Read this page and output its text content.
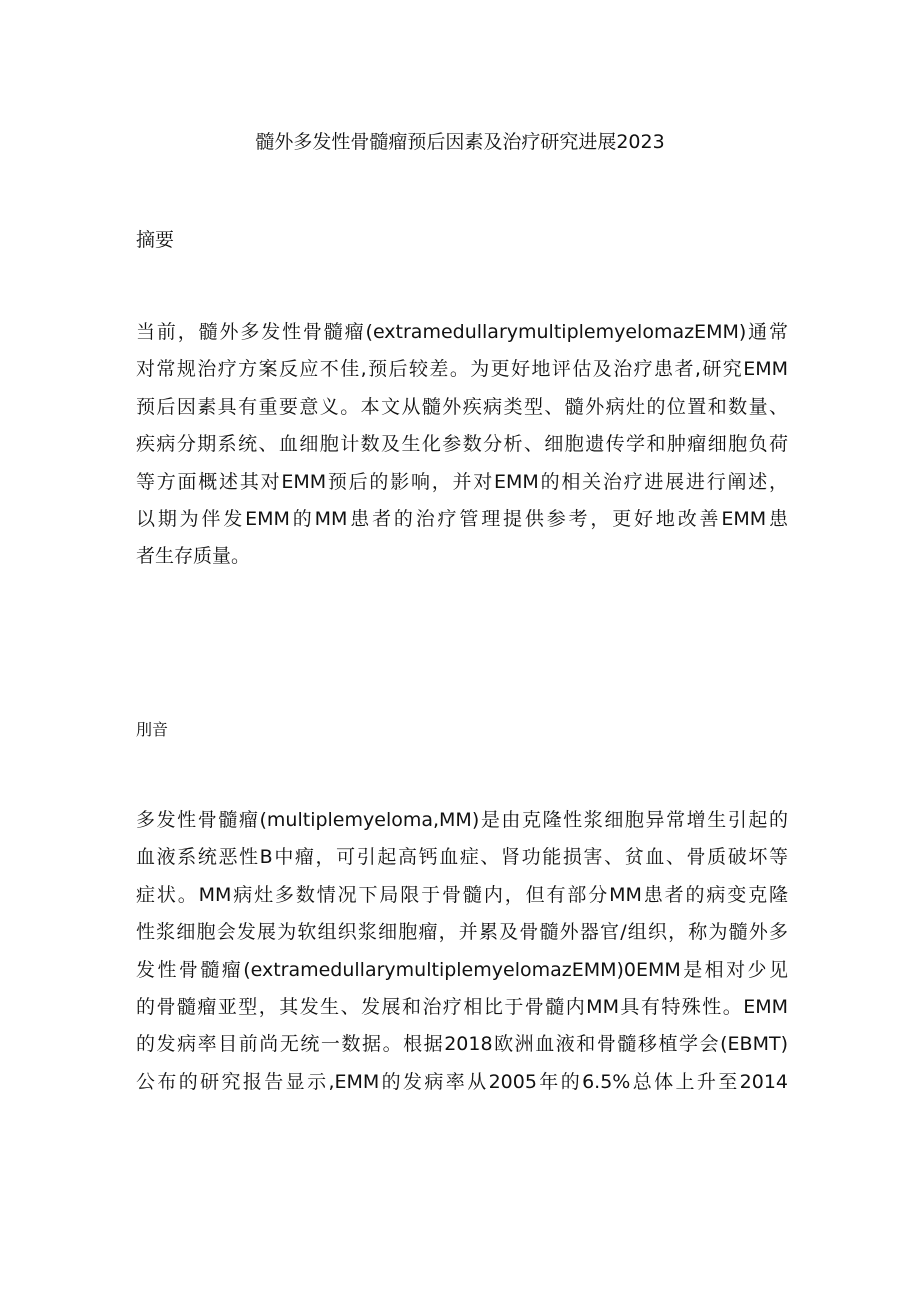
髓外多发性骨髓瘤预后因素及治疗研究进展2023
摘要
当前，髓外多发性骨髓瘤(extramedullarymultiplemyelomazEMM)通常
对常规治疗方案反应不佳,预后较差。为更好地评估及治疗患者,研究EMM
预后因素具有重要意义。本文从髓外疾病类型、髓外病灶的位置和数量、
疾病分期系统、血细胞计数及生化参数分析、细胞遗传学和肿瘤细胞负荷
等方面概述其对EMM预后的影响，并对EMM的相关治疗进展进行阐述，
以期为伴发EMM的MM患者的治疗管理提供参考，更好地改善EMM患
者生存质量。
刖音
多发性骨髓瘤(multiplemyeloma,MM)是由克隆性浆细胞异常增生引起的
血液系统恶性B中瘤，可引起高钙血症、肾功能损害、贫血、骨质破坏等
症状。MM病灶多数情况下局限于骨髓内，但有部分MM患者的病变克隆
性浆细胞会发展为软组织浆细胞瘤，并累及骨髓外器官/组织，称为髓外多
发性骨髓瘤(extramedullarymultiplemyelomazEMM)0EMM是相对少见
的骨髓瘤亚型，其发生、发展和治疗相比于骨髓内MM具有特殊性。EMM
的发病率目前尚无统一数据。根据2018欧洲血液和骨髓移植学会(EBMT)
公布的研究报告显示,EMM的发病率从2005年的6.5%总体上升至2014
